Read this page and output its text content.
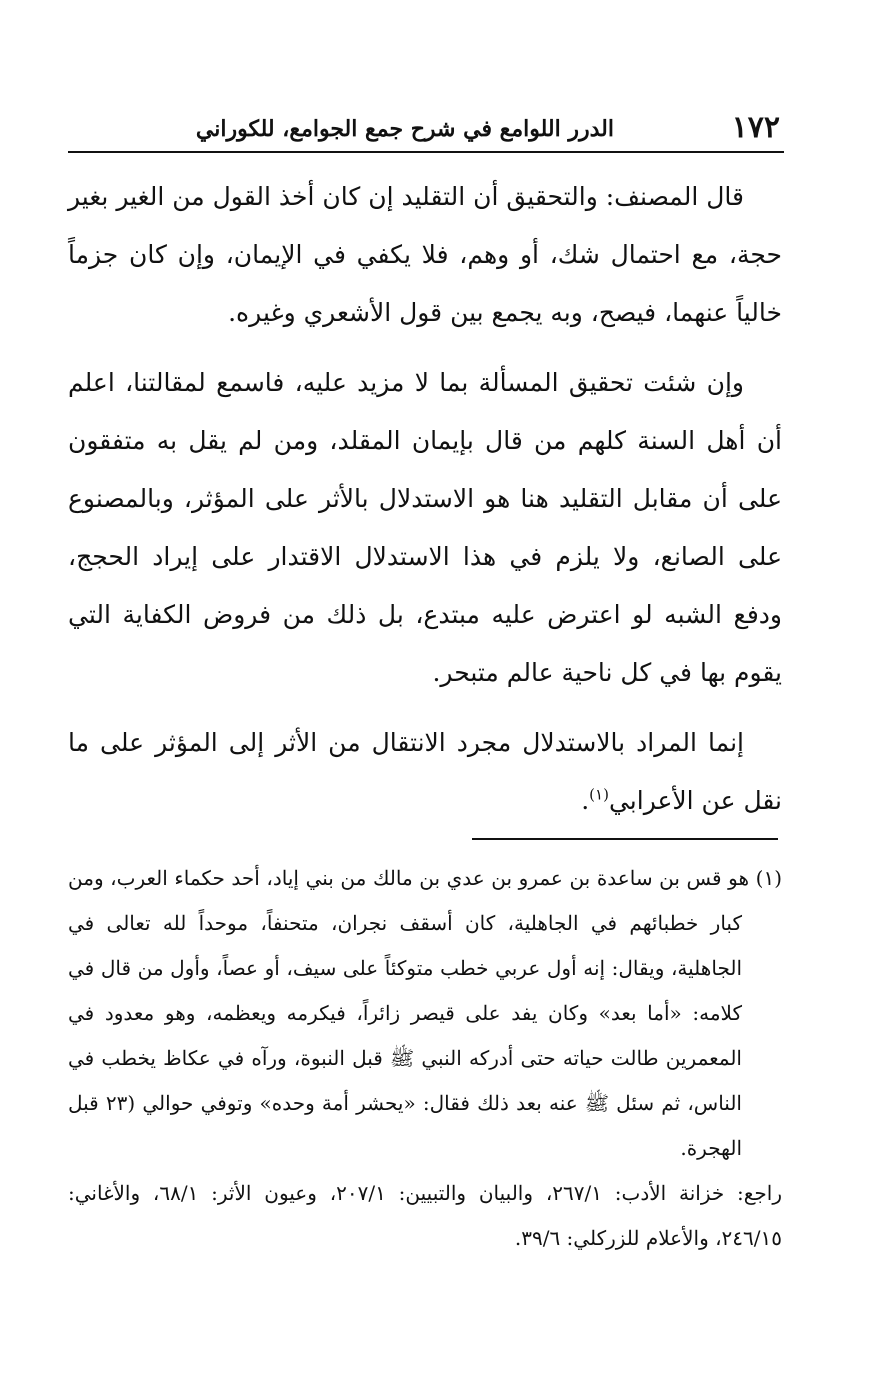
١٧٢
الدرر اللوامع في شرح جمع الجوامع، للكوراني

قال المصنف: والتحقيق أن التقليد إن كان أخذ القول من الغير بغير حجة، مع احتمال شك، أو وهم، فلا يكفي في الإيمان، وإن كان جزماً خالياً عنهما، فيصح، وبه يجمع بين قول الأشعري وغيره.

وإن شئت تحقيق المسألة بما لا مزيد عليه، فاسمع لمقالتنا، اعلم أن أهل السنة كلهم من قال بإيمان المقلد، ومن لم يقل به متفقون على أن مقابل التقليد هنا هو الاستدلال بالأثر على المؤثر، وبالمصنوع على الصانع، ولا يلزم في هذا الاستدلال الاقتدار على إيراد الحجج، ودفع الشبه لو اعترض عليه مبتدع، بل ذلك من فروض الكفاية التي يقوم بها في كل ناحية عالم متبحر.

إنما المراد بالاستدلال مجرد الانتقال من الأثر إلى المؤثر على ما نقل عن الأعرابي$^{(١)}$.

(١) هو قس بن ساعدة بن عمرو بن عدي بن مالك من بني إياد، أحد حكماء العرب، ومن كبار خطبائهم في الجاهلية، كان أسقف نجران، متحنفاً، موحداً لله تعالى في الجاهلية، ويقال: إنه أول عربي خطب متوكئاً على سيف، أو عصاً، وأول من قال في كلامه: «أما بعد» وكان يفد على قيصر زائراً، فيكرمه ويعظمه، وهو معدود في المعمرين طالت حياته حتى أدركه النبي ﷺ قبل النبوة، ورآه في عكاظ يخطب في الناس، ثم سئل ﷺ عنه بعد ذلك فقال: «يحشر أمة وحده» وتوفي حوالي (٢٣ قبل الهجرة.

راجع: خزانة الأدب: ٢٦٧/١، والبيان والتبيين: ٢٠٧/١، وعيون الأثر: ٦٨/١، والأغاني: ٢٤٦/١٥، والأعلام للزركلي: ٣٩/٦.
